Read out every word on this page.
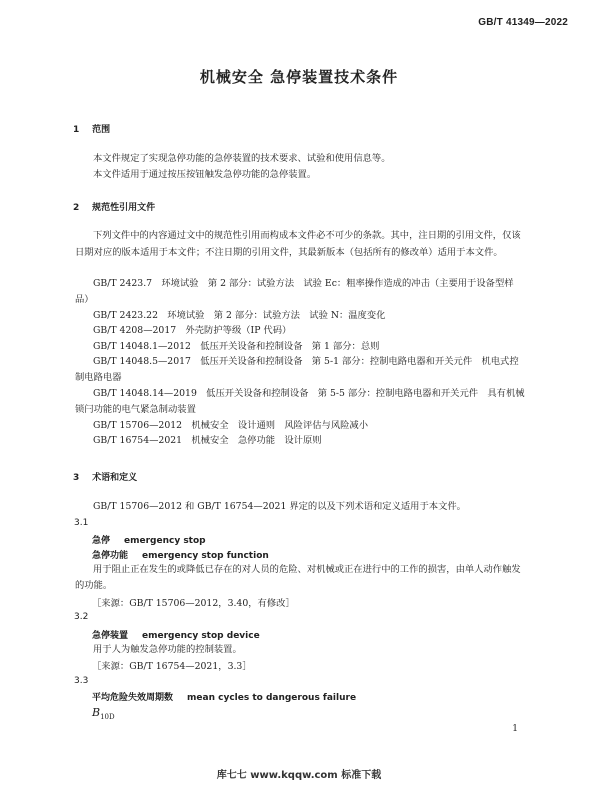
GB/T 41349—2022
机械安全 急停装置技术条件
1 范围
本文件规定了实现急停功能的急停装置的技术要求、试验和使用信息等。
本文件适用于通过按压按钮触发急停功能的急停装置。
2 规范性引用文件
下列文件中的内容通过文中的规范性引用而构成本文件必不可少的条款。其中，注日期的引用文件，仅该日期对应的版本适用于本文件；不注日期的引用文件，其最新版本（包括所有的修改单）适用于本文件。
GB/T 2423.7　环境试验　第 2 部分：试验方法　试验 Ec：粗率操作造成的冲击（主要用于设备型样品）
GB/T 2423.22　环境试验　第 2 部分：试验方法　试验 N：温度变化
GB/T 4208—2017　外壳防护等级（IP 代码）
GB/T 14048.1—2012　低压开关设备和控制设备　第 1 部分：总则
GB/T 14048.5—2017　低压开关设备和控制设备　第 5-1 部分：控制电路电器和开关元件　机电式控制电路电器
GB/T 14048.14—2019　低压开关设备和控制设备　第 5-5 部分：控制电路电器和开关元件　具有机械锁闩功能的电气紧急制动装置
GB/T 15706—2012　机械安全　设计通则　风险评估与风险减小
GB/T 16754—2021　机械安全　急停功能　设计原则
3 术语和定义
GB/T 15706—2012 和 GB/T 16754—2021 界定的以及下列术语和定义适用于本文件。
3.1
急停 emergency stop
急停功能 emergency stop function
用于阻止正在发生的或降低已存在的对人员的危险、对机械或正在进行中的工作的损害，由单人动作触发的功能。
［来源：GB/T 15706—2012，3.40，有修改］
3.2
急停装置 emergency stop device
用于人为触发急停功能的控制装置。
［来源：GB/T 16754—2021，3.3］
3.3
平均危险失效周期数 mean cycles to dangerous failure
$B_{10D}$
1
库七七 www.kqqw.com 标准下载
